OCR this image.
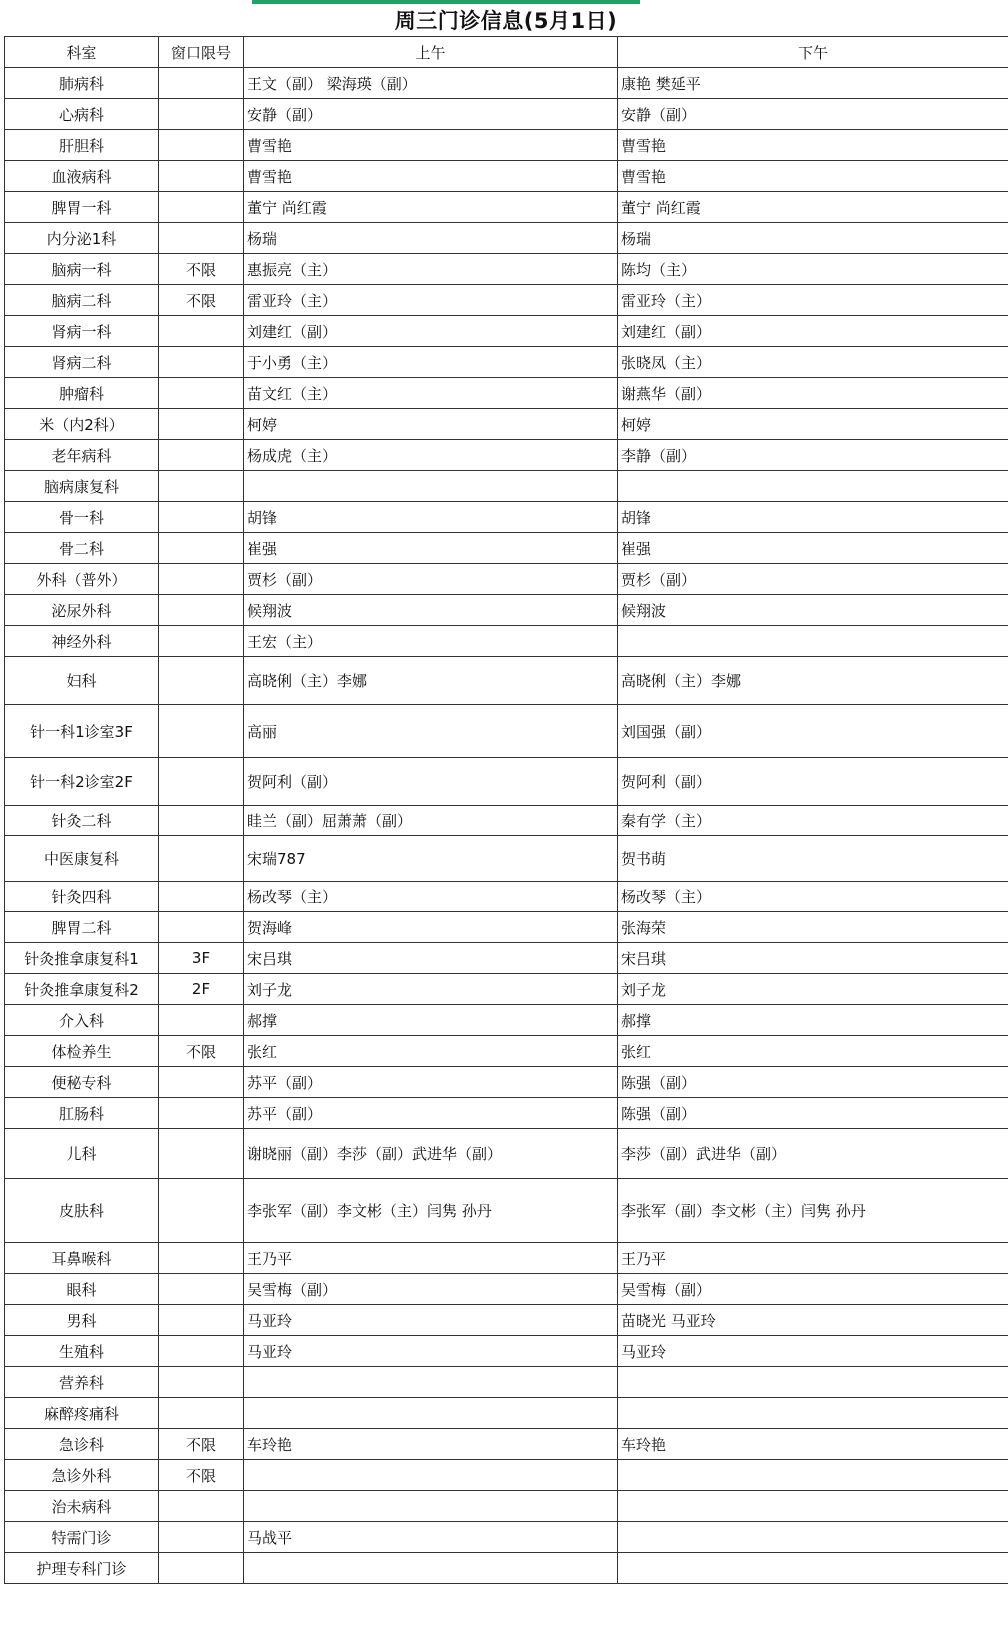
周三门诊信息(5月1日)
科室	窗口限号	上午	下午
肺病科		王文（副） 梁海瑛（副）	康艳 樊延平
心病科		安静（副）	安静（副）
肝胆科		曹雪艳	曹雪艳
血液病科		曹雪艳	曹雪艳
脾胃一科		董宁 尚红霞	董宁 尚红霞
内分泌1科		杨瑞	杨瑞
脑病一科	不限	惠振亮（主）	陈均（主）
脑病二科	不限	雷亚玲（主）	雷亚玲（主）
肾病一科		刘建红（副）	刘建红（副）
肾病二科		于小勇（主）	张晓凤（主）
肿瘤科		苗文红（主）	谢燕华（副）
米（内2科）		柯婷	柯婷
老年病科		杨成虎（主）	李静（副）
脑病康复科			
骨一科		胡锋	胡锋
骨二科		崔强	崔强
外科（普外）		贾杉（副）	贾杉（副）
泌尿外科		候翔波	候翔波
神经外科		王宏（主）	
妇科		高晓俐（主）李娜	高晓俐（主）李娜
针一科1诊室3F		高丽	刘国强（副）
针一科2诊室2F		贺阿利（副）	贺阿利（副）
针灸二科		眭兰（副）屈萧萧（副）	秦有学（主）
中医康复科		宋瑞787	贺书萌
针灸四科		杨改琴（主）	杨改琴（主）
脾胃二科		贺海峰	张海荣
针灸推拿康复科1	3F	宋吕琪	宋吕琪
针灸推拿康复科2	2F	刘子龙	刘子龙
介入科		郝撑	郝撑
体检养生	不限	张红	张红
便秘专科		苏平（副）	陈强（副）
肛肠科		苏平（副）	陈强（副）
儿科		谢晓丽（副）李莎（副）武进华（副）	李莎（副）武进华（副）
皮肤科		李张军（副）李文彬（主）闫隽 孙丹	李张军（副）李文彬（主）闫隽 孙丹
耳鼻喉科		王乃平	王乃平
眼科		吴雪梅（副）	吴雪梅（副）
男科		马亚玲	苗晓光 马亚玲
生殖科		马亚玲	马亚玲
营养科			
麻醉疼痛科			
急诊科	不限	车玲艳	车玲艳
急诊外科	不限		
治未病科			
特需门诊		马战平	
护理专科门诊			
